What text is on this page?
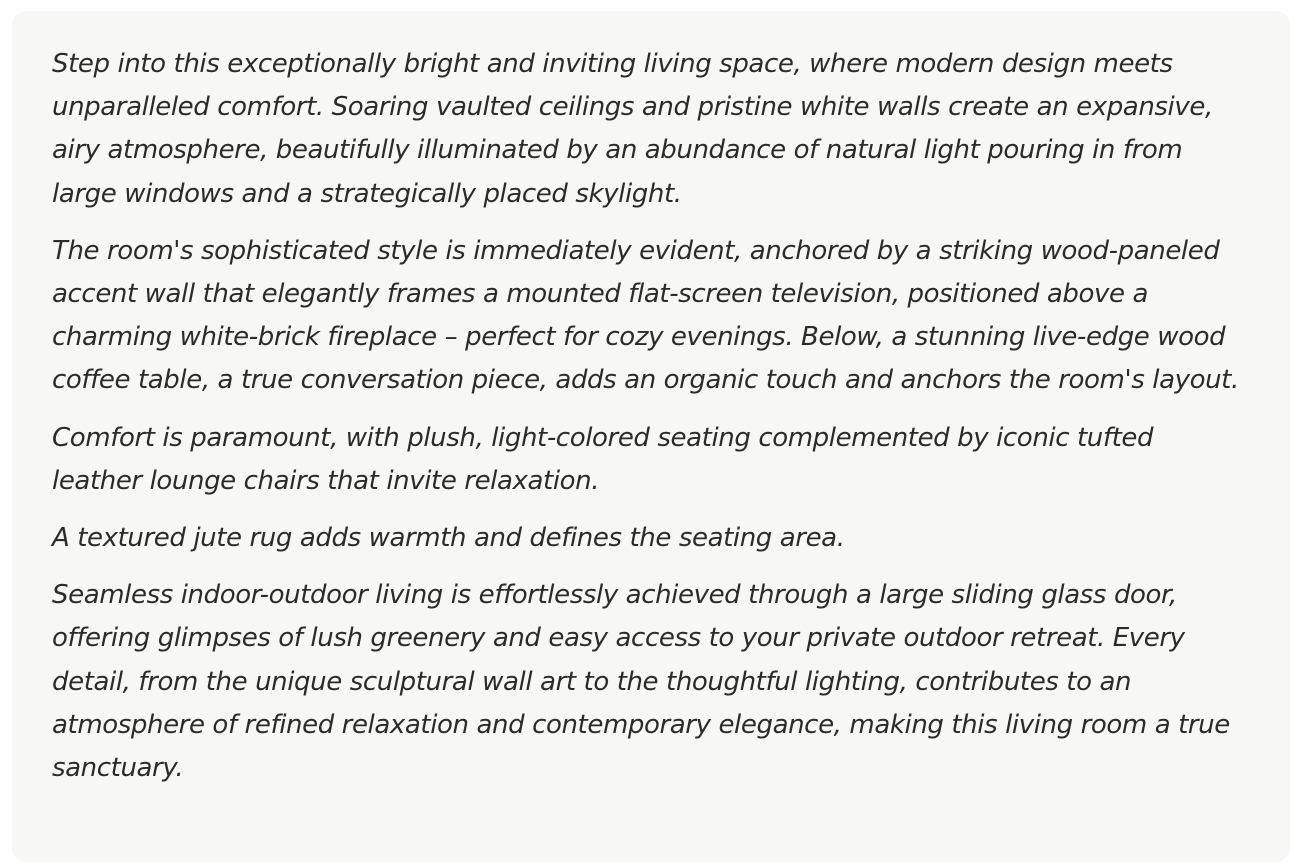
Step into this exceptionally bright and inviting living space, where modern design meets unparalleled comfort. Soaring vaulted ceilings and pristine white walls create an expansive, airy atmosphere, beautifully illuminated by an abundance of natural light pouring in from large windows and a strategically placed skylight.

The room's sophisticated style is immediately evident, anchored by a striking wood-paneled accent wall that elegantly frames a mounted flat-screen television, positioned above a charming white-brick fireplace – perfect for cozy evenings. Below, a stunning live-edge wood coffee table, a true conversation piece, adds an organic touch and anchors the room's layout.

Comfort is paramount, with plush, light-colored seating complemented by iconic tufted leather lounge chairs that invite relaxation.

A textured jute rug adds warmth and defines the seating area.

Seamless indoor-outdoor living is effortlessly achieved through a large sliding glass door, offering glimpses of lush greenery and easy access to your private outdoor retreat. Every detail, from the unique sculptural wall art to the thoughtful lighting, contributes to an atmosphere of refined relaxation and contemporary elegance, making this living room a true sanctuary.
